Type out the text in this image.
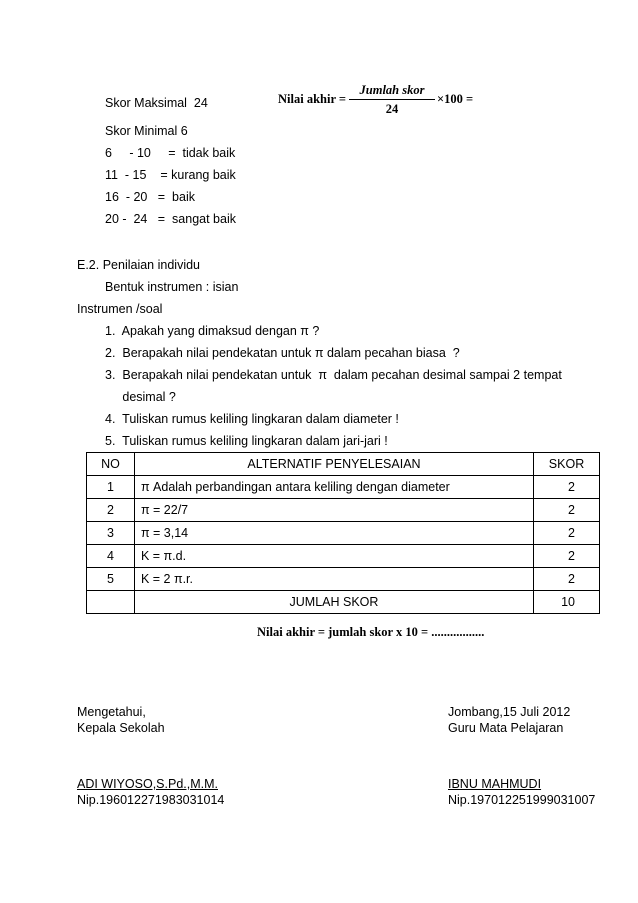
Skor Maksimal  24
Skor Minimal 6
6     - 10     =  tidak baik
11  - 15    = kurang baik
16  - 20   =  baik
20 -  24   =  sangat baik
Nilai akhir =
Jumlah skor
24
×100 =
E.2. Penilaian individu
Bentuk instrumen : isian
Instrumen /soal
1.  Apakah yang dimaksud dengan π ?
2.  Berapakah nilai pendekatan untuk π dalam pecahan biasa  ?
3.  Berapakah nilai pendekatan untuk  π  dalam pecahan desimal sampai 2 tempat
desimal ?
4.  Tuliskan rumus keliling lingkaran dalam diameter !
5.  Tuliskan rumus keliling lingkaran dalam jari-jari !
NO	ALTERNATIF PENYELESAIAN	SKOR
1	π Adalah perbandingan antara keliling dengan diameter	2
2	π = 22/7	2
3	π = 3,14	2
4	K = π.d.	2
5	K = 2 π.r.	2
	JUMLAH SKOR	10
Nilai akhir = jumlah skor x 10 = .................
Mengetahui,
Kepala Sekolah
ADI WIYOSO,S.Pd.,M.M.
Nip.196012271983031014
Jombang,15 Juli 2012
Guru Mata Pelajaran
IBNU MAHMUDI
Nip.197012251999031007
